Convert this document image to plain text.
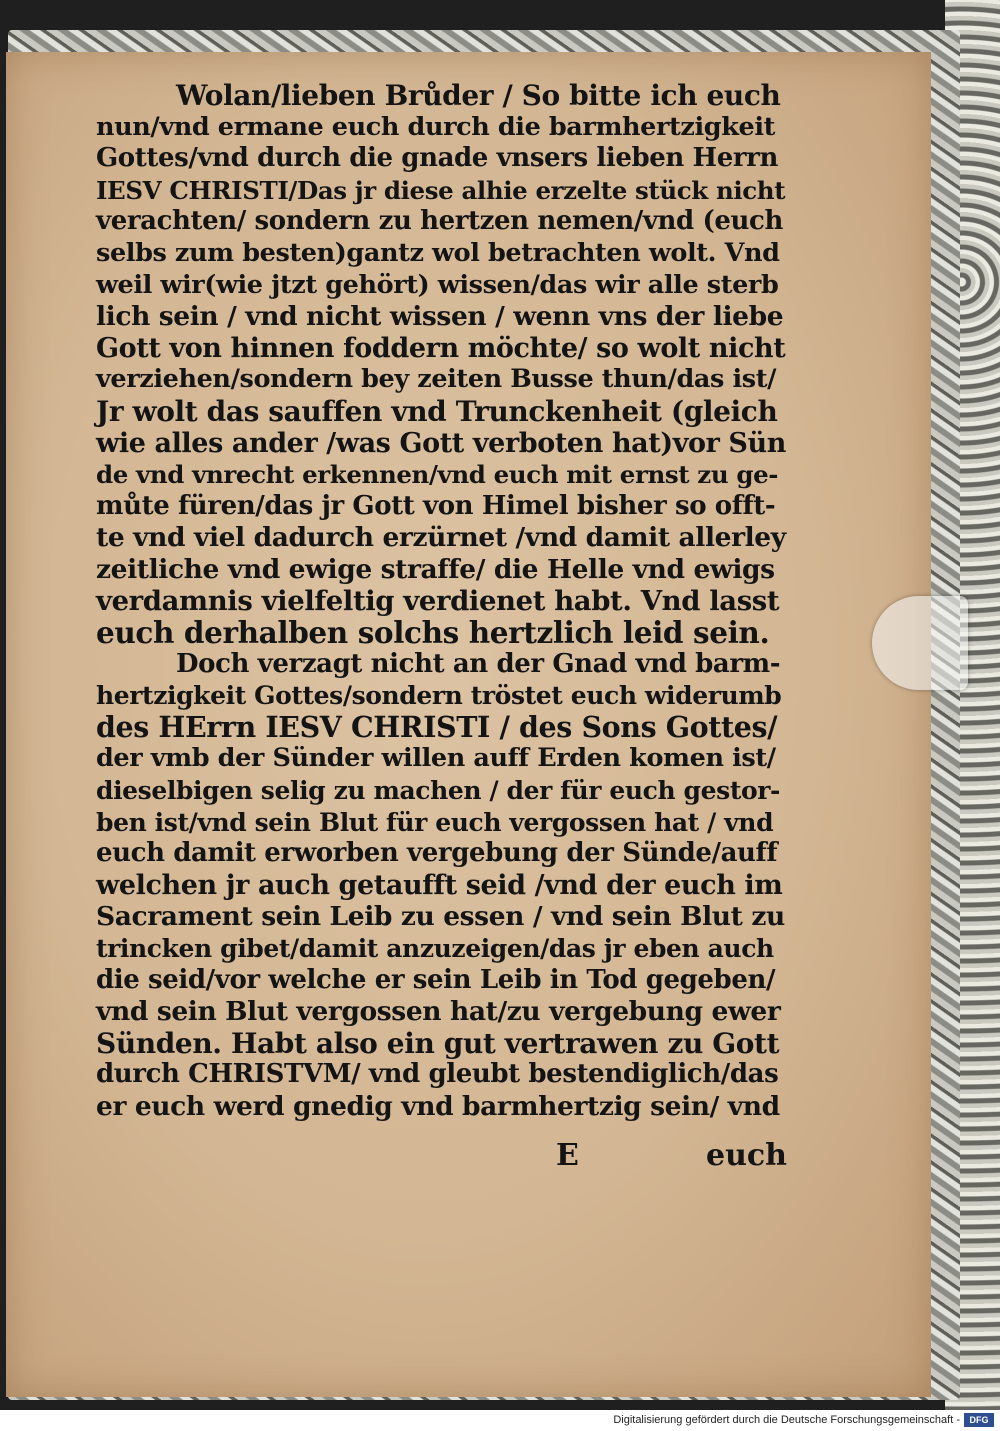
Wolan/lieben Brůder / So bitte ich euch
nun/vnd ermane euch durch die barmhertzigkeit
Gottes/vnd durch die gnade vnsers lieben Herrn
IESV CHRISTI/Das jr diese alhie erzelte stück nicht
verachten/ sondern zu hertzen nemen/vnd (euch
selbs zum besten)gantz wol betrachten wolt. Vnd
weil wir(wie jtzt gehört) wissen/das wir alle sterb
lich sein / vnd nicht wissen / wenn vns der liebe
Gott von hinnen foddern möchte/ so wolt nicht
verziehen/sondern bey zeiten Busse thun/das ist/
Jr wolt das sauffen vnd Trunckenheit (gleich
wie alles ander /was Gott verboten hat)vor Sün
de vnd vnrecht erkennen/vnd euch mit ernst zu ge-
můte füren/das jr Gott von Himel bisher so offt-
te vnd viel dadurch erzürnet /vnd damit allerley
zeitliche vnd ewige straffe/ die Helle vnd ewigs
verdamnis vielfeltig verdienet habt. Vnd lasst
euch derhalben solchs hertzlich leid sein.
Doch verzagt nicht an der Gnad vnd barm-
hertzigkeit Gottes/sondern tröstet euch widerumb
des HErrn IESV CHRISTI / des Sons Gottes/
der vmb der Sünder willen auff Erden komen ist/
dieselbigen selig zu machen / der für euch gestor-
ben ist/vnd sein Blut für euch vergossen hat / vnd
euch damit erworben vergebung der Sünde/auff
welchen jr auch getaufft seid /vnd der euch im
Sacrament sein Leib zu essen / vnd sein Blut zu
trincken gibet/damit anzuzeigen/das jr eben auch
die seid/vor welche er sein Leib in Tod gegeben/
vnd sein Blut vergossen hat/zu vergebung ewer
Sünden. Habt also ein gut vertrawen zu Gott
durch CHRISTVM/ vnd gleubt bestendiglich/das
er euch werd gnedig vnd barmhertzig sein/ vnd
E	euch
Digitalisierung gefördert durch die Deutsche Forschungsgemeinschaft -	DFG
